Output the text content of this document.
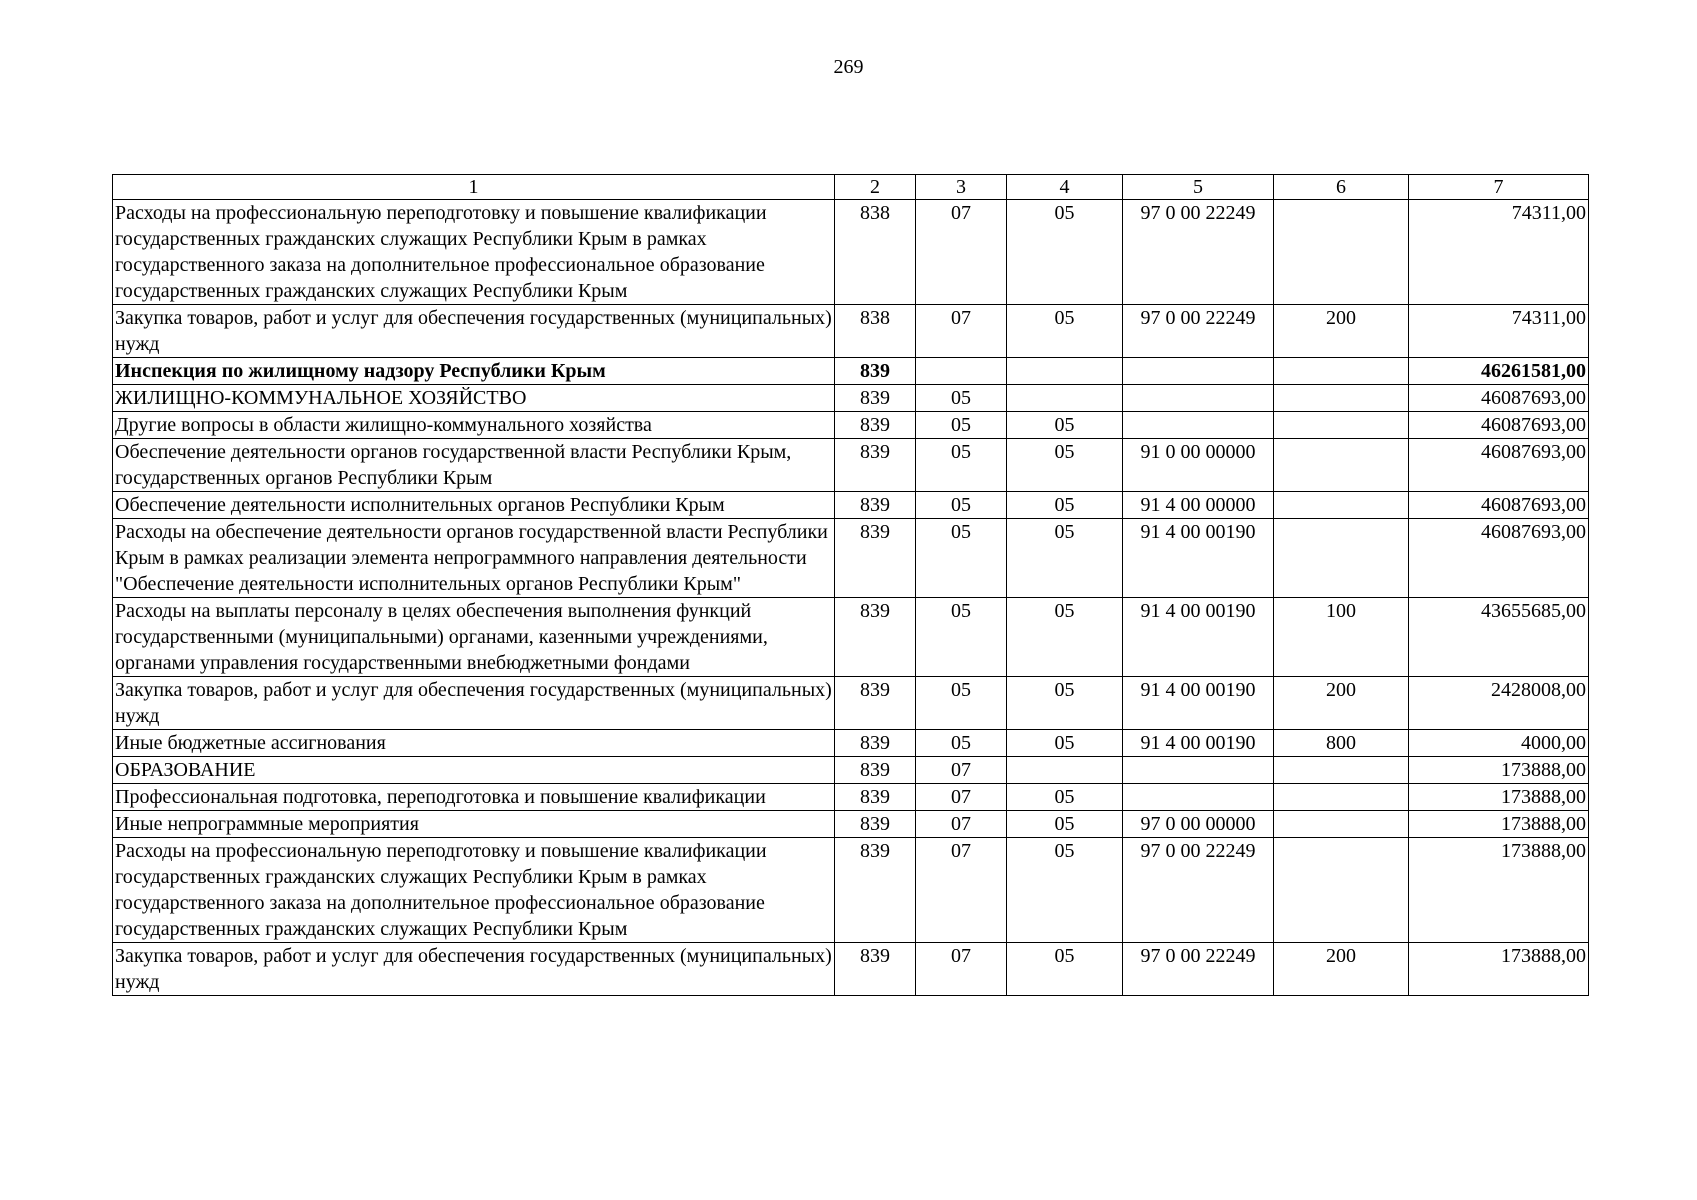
269
1	2	3	4	5	6	7
Расходы на профессиональную переподготовку и повышение квалификации государственных гражданских служащих Республики Крым в рамках государственного заказа на дополнительное профессиональное образование государственных гражданских служащих Республики Крым	838	07	05	97 0 00 22249		74311,00
Закупка товаров, работ и услуг для обеспечения государственных (муниципальных) нужд	838	07	05	97 0 00 22249	200	74311,00
Инспекция по жилищному надзору Республики Крым	839					46261581,00
ЖИЛИЩНО-КОММУНАЛЬНОЕ ХОЗЯЙСТВО	839	05				46087693,00
Другие вопросы в области жилищно-коммунального хозяйства	839	05	05			46087693,00
Обеспечение деятельности органов государственной власти Республики Крым, государственных органов Республики Крым	839	05	05	91 0 00 00000		46087693,00
Обеспечение деятельности исполнительных органов Республики Крым	839	05	05	91 4 00 00000		46087693,00
Расходы на обеспечение деятельности органов государственной власти Республики Крым в рамках реализации элемента непрограммного направления деятельности "Обеспечение деятельности исполнительных органов Республики Крым"	839	05	05	91 4 00 00190		46087693,00
Расходы на выплаты персоналу в целях обеспечения выполнения функций государственными (муниципальными) органами, казенными учреждениями, органами управления государственными внебюджетными фондами	839	05	05	91 4 00 00190	100	43655685,00
Закупка товаров, работ и услуг для обеспечения государственных (муниципальных) нужд	839	05	05	91 4 00 00190	200	2428008,00
Иные бюджетные ассигнования	839	05	05	91 4 00 00190	800	4000,00
ОБРАЗОВАНИЕ	839	07				173888,00
Профессиональная подготовка, переподготовка и повышение квалификации	839	07	05			173888,00
Иные непрограммные мероприятия	839	07	05	97 0 00 00000		173888,00
Расходы на профессиональную переподготовку и повышение квалификации государственных гражданских служащих Республики Крым в рамках государственного заказа на дополнительное профессиональное образование государственных гражданских служащих Республики Крым	839	07	05	97 0 00 22249		173888,00
Закупка товаров, работ и услуг для обеспечения государственных (муниципальных) нужд	839	07	05	97 0 00 22249	200	173888,00
